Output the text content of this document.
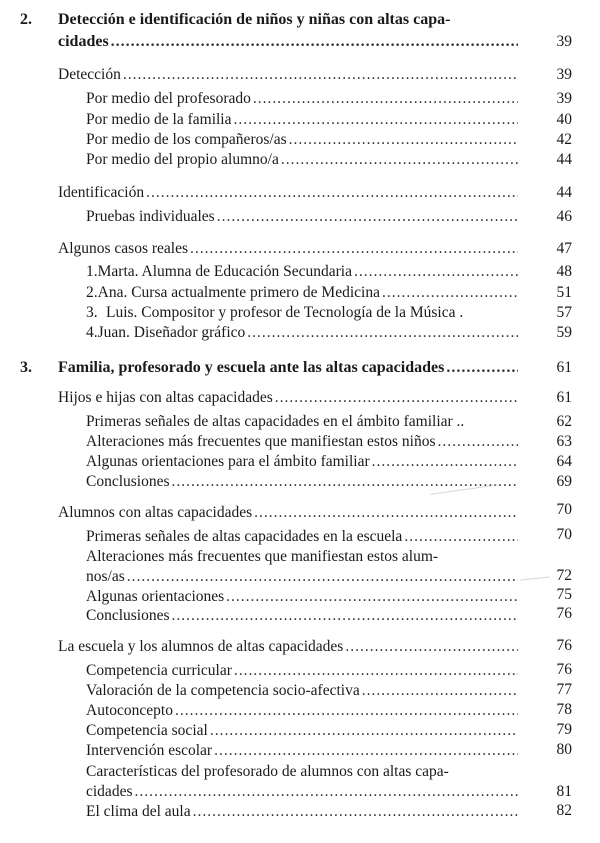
2. Detección e identificación de niños y niñas con altas capa-
cidades .....	39
Detección .....	39
Por medio del profesorado .....	39
Por medio de la familia .....	40
Por medio de los compañeros/as .....	42
Por medio del propio alumno/a .....	44
Identificación .....	44
Pruebas individuales .....	46
Algunos casos reales .....	47
1. Marta. Alumna de Educación Secundaria .....	48
2. Ana. Cursa actualmente primero de Medicina .....	51
3. Luis. Compositor y profesor de Tecnología de la Música .	57
4. Juan. Diseñador gráfico .....	59
3. Familia, profesorado y escuela ante las altas capacidades .....	61
Hijos e hijas con altas capacidades .....	61
Primeras señales de altas capacidades en el ámbito familiar ..	62
Alteraciones más frecuentes que manifiestan estos niños .....	63
Algunas orientaciones para el ámbito familiar .....	64
Conclusiones .....	69
Alumnos con altas capacidades .....	70
Primeras señales de altas capacidades en la escuela .....	70
Alteraciones más frecuentes que manifiestan estos alum-
nos/as .....	72
Algunas orientaciones .....	75
Conclusiones .....	76
La escuela y los alumnos de altas capacidades .....	76
Competencia curricular .....	76
Valoración de la competencia socio-afectiva .....	77
Autoconcepto .....	78
Competencia social .....	79
Intervención escolar .....	80
Características del profesorado de alumnos con altas capa-
cidades .....	81
El clima del aula .....	82
